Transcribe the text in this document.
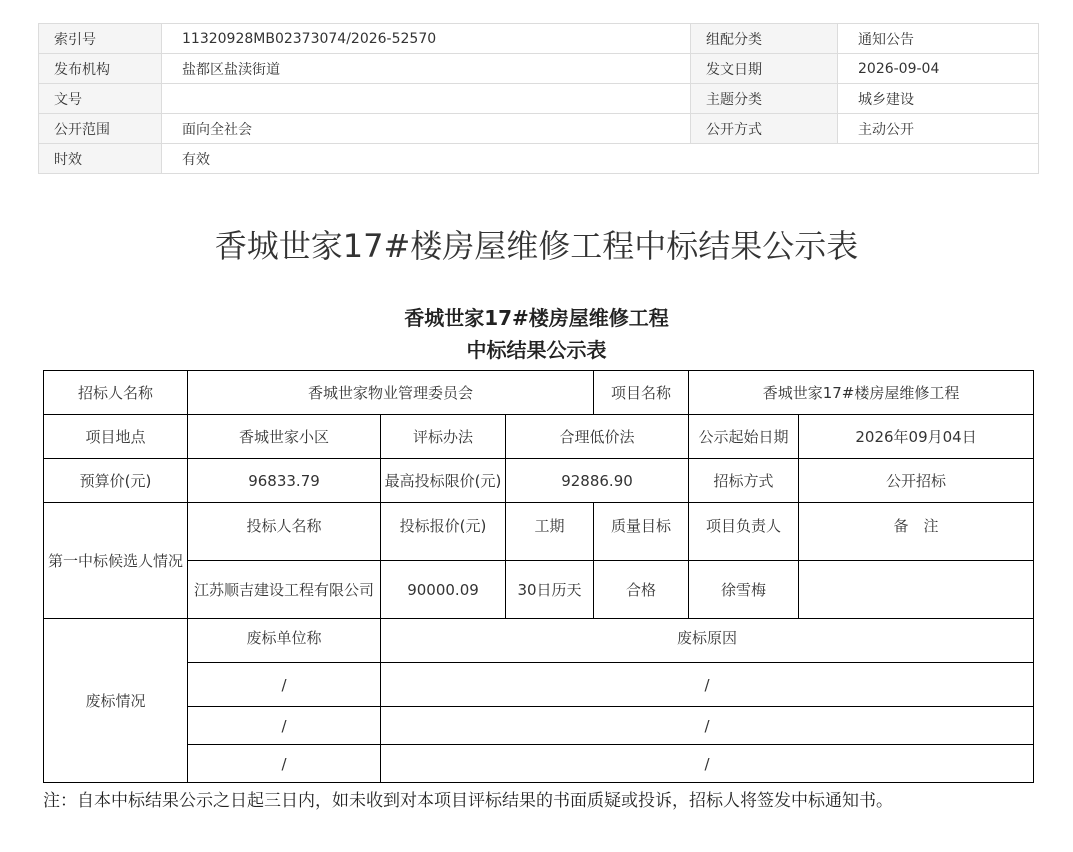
索引号	11320928MB02373074/2026-52570	组配分类	通知公告
发布机构	盐都区盐渎街道	发文日期	2026-09-04
文号		主题分类	城乡建设
公开范围	面向全社会	公开方式	主动公开
时效	有效		
香城世家17#楼房屋维修工程中标结果公示表
香城世家17#楼房屋维修工程
中标结果公示表
招标人名称	香城世家物业管理委员会			项目名称	香城世家17#楼房屋维修工程	
项目地点	香城世家小区	评标办法	合理低价法		公示起始日期	2026年09月04日
预算价(元)	96833.79	最高投标限价(元)	92886.90		招标方式	公开招标
第一中标候选人情况	投标人名称	投标报价(元)	工期	质量目标	项目负责人	备　注
	江苏顺吉建设工程有限公司	90000.09	30日历天	合格	徐雪梅	
废标情况	废标单位称	废标原因				
	/	/				
	/	/				
	/	/				
注：自本中标结果公示之日起三日内，如未收到对本项目评标结果的书面质疑或投诉，招标人将签发中标通知书。
